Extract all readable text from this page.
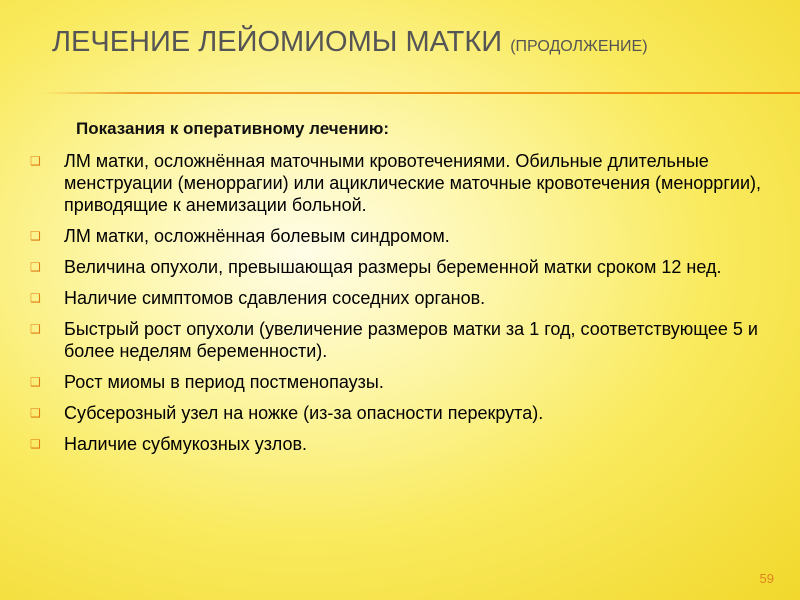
ЛЕЧЕНИЕ ЛЕЙОМИОМЫ МАТКИ (ПРОДОЛЖЕНИЕ)
Показания к оперативному лечению:
❑ ЛМ матки, осложнённая маточными кровотечениями. Обильные длительные менструации (меноррагии) или ациклические маточные кровотечения (менорргии), приводящие к анемизации больной.
❑ ЛМ матки, осложнённая болевым синдромом.
❑ Величина опухоли, превышающая размеры беременной матки сроком 12 нед.
❑ Наличие симптомов сдавления соседних органов.
❑ Быстрый рост опухоли (увеличение размеров матки за 1 год, соответствующее 5 и более неделям беременности).
❑ Рост миомы в период постменопаузы.
❑ Субсерозный узел на ножке (из-за опасности перекрута).
❑ Наличие субмукозных узлов.
59
